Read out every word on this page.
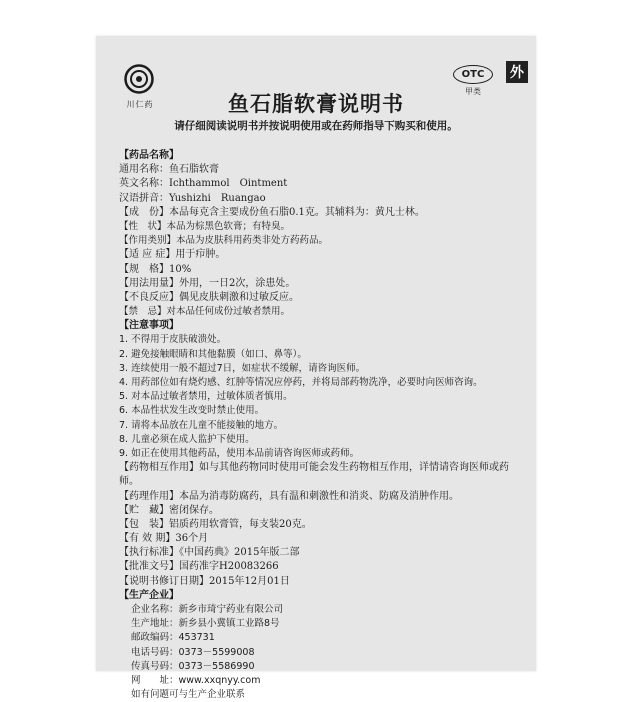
川仁药
OTC
甲类
外
鱼石脂软膏说明书
请仔细阅读说明书并按说明使用或在药师指导下购买和使用。
【药品名称】
通用名称：鱼石脂软膏
英文名称：Ichthammol　Ointment
汉语拼音：Yushizhi　Ruangao
【成　份】本品每克含主要成份鱼石脂0.1克。其辅料为：黄凡士林。
【性　状】本品为棕黑色软膏；有特臭。
【作用类别】本品为皮肤科用药类非处方药药品。
【适 应 症】用于疖肿。
【规　格】10%
【用法用量】外用，一日2次，涂患处。
【不良反应】偶见皮肤刺激和过敏反应。
【禁　忌】对本品任何成份过敏者禁用。
【注意事项】
1. 不得用于皮肤破溃处。
2. 避免接触眼睛和其他黏膜（如口、鼻等）。
3. 连续使用一般不超过7日，如症状不缓解，请咨询医师。
4. 用药部位如有烧灼感、红肿等情况应停药，并将局部药物洗净，必要时向医师咨询。
5. 对本品过敏者禁用，过敏体质者慎用。
6. 本品性状发生改变时禁止使用。
7. 请将本品放在儿童不能接触的地方。
8. 儿童必须在成人监护下使用。
9. 如正在使用其他药品，使用本品前请咨询医师或药师。
【药物相互作用】如与其他药物同时使用可能会发生药物相互作用，详情请咨询医师或药师。
【药理作用】本品为消毒防腐药，具有温和刺激性和消炎、防腐及消肿作用。
【贮　藏】密闭保存。
【包　装】铝质药用软膏管，每支装20克。
【有 效 期】36个月
【执行标准】《中国药典》2015年版二部
【批准文号】国药准字H20083266
【说明书修订日期】2015年12月01日
【生产企业】
企业名称：新乡市琦宁药业有限公司
生产地址：新乡县小冀镇工业路8号
邮政编码：453731
电话号码：0373－5599008
传真号码：0373－5586990
网　　址：www.xxqnyy.com
如有问题可与生产企业联系
